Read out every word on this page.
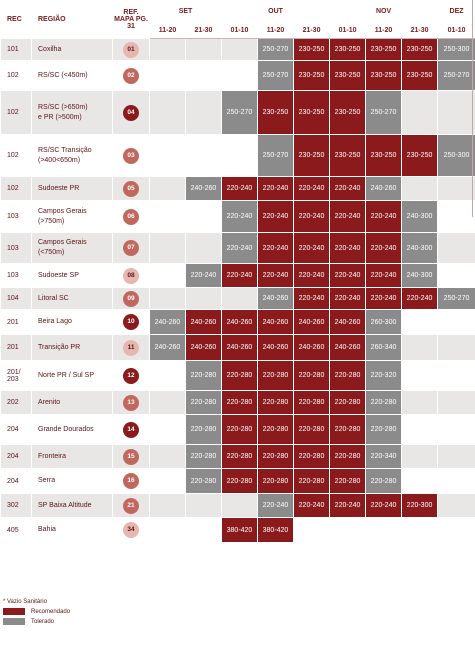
REC	REGIÃO	REF. MAPA PG. 31	SET		OUT			NOV			DEZ
			11-20	21-30	01-10	11-20	21-30	01-10	11-20	21-30	01-10
101	Coxilha	01				250-270	230-250	230-250	230-250	230-250	250-300
102	RS/SC (<450m)	02				250-270	230-250	230-250	230-250	230-250	250-270
102	RS/SC (>650m)
e PR (>500m)	04			250-270	230-250	230-250	230-250	250-270		
102	RS/SC Transição
(>400<650m)	03				250-270	230-250	230-250	230-250	230-250	250-300
102	Sudoeste PR	05		240-260	220-240	220-240	220-240	220-240	240-260		
103	Campos Gerais
(>750m)	06			220-240	220-240	220-240	220-240	220-240	240-300	
103	Campos Gerais
(<750m)	07			220-240	220-240	220-240	220-240	220-240	240-300	
103	Sudoeste SP	08		220-240	220-240	220-240	220-240	220-240	220-240	240-300	
104	Litoral SC	09				240-260	220-240	220-240	220-240	220-240	250-270
201	Beira Lago	10	240-260	240-260	240-260	240-260	240-260	240-260	260-300		
201	Transição PR	11	240-260	240-260	240-260	240-260	240-260	240-260	260-340		
201/
203	Norte PR / Sul SP	12		220-280	220-280	220-280	220-280	220-280	220-320		
202	Arenito	13		220-280	220-280	220-280	220-280	220-280	220-280		
204	Grande Dourados	14		220-280	220-280	220-280	220-280	220-280	220-280		
204	Fronteira	15		220-280	220-280	220-280	220-280	220-280	220-340		
204	Serra	16		220-280	220-280	220-280	220-280	220-280	220-280		
302	SP Baixa Altitude	21				220-240	220-240	220-240	220-240	220-300	
405	Bahia	34			380-420	380-420					
* Vazio Sanitário
Recomendado
Tolerado
